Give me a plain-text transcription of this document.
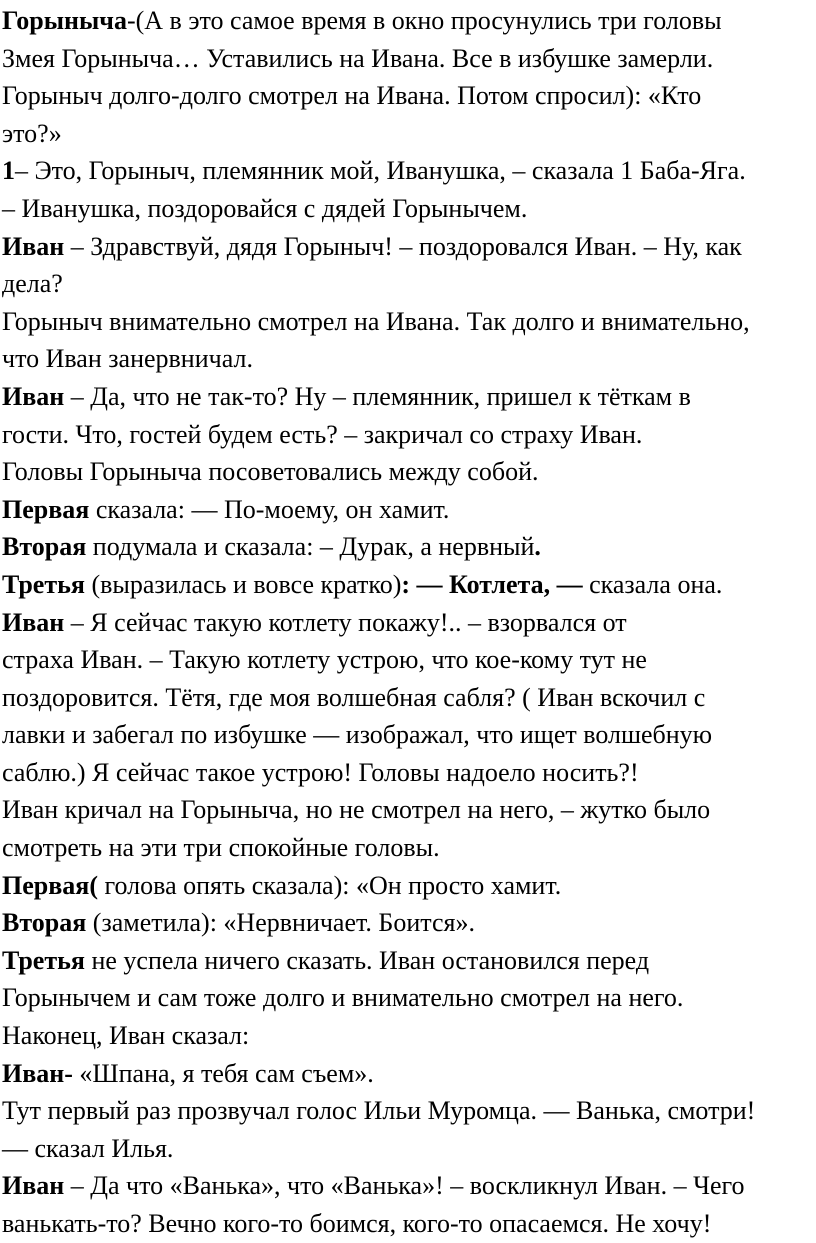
Горыныча-(А в это самое время в окно просунулись три головы

Змея Горыныча… Уставились на Ивана. Все в избушке замерли.

Горыныч долго-долго смотрел на Ивана. Потом спросил): «Кто

это?»

1– Это, Горыныч, племянник мой, Иванушка, – сказала 1 Баба-Яга.

– Иванушка, поздоровайся с дядей Горынычем.

Иван – Здравствуй, дядя Горыныч! – поздоровался Иван. – Ну, как

дела?

Горыныч внимательно смотрел на Ивана. Так долго и внимательно,

что Иван занервничал.

Иван – Да, что не так-то? Ну – племянник, пришел к тёткам в

гости. Что, гостей будем есть? – закричал со страху Иван.

Головы Горыныча посоветовались между собой.

Первая сказала: — По-моему, он хамит.

Вторая подумала и сказала: – Дурак, а нервный.

Третья (выразилась и вовсе кратко): — Котлета, — сказала она.

Иван – Я сейчас такую котлету покажу!.. – взорвался от

страха Иван. – Такую котлету устрою, что кое-кому тут не

поздоровится. Тётя, где моя волшебная сабля? ( Иван вскочил с

лавки и забегал по избушке — изображал, что ищет волшебную

саблю.) Я сейчас такое устрою! Головы надоело носить?!

Иван кричал на Горыныча, но не смотрел на него, – жутко было

смотреть на эти три спокойные головы.

Первая( голова опять сказала): «Он просто хамит.

Вторая (заметила): «Нервничает. Боится».

Третья не успела ничего сказать. Иван остановился перед

Горынычем и сам тоже долго и внимательно смотрел на него.

Наконец, Иван сказал:

Иван- «Шпана, я тебя сам съем».

Тут первый раз прозвучал голос Ильи Муромца. — Ванька, смотри!

— сказал Илья.

Иван – Да что «Ванька», что «Ванька»! – воскликнул Иван. – Чего

ванькать-то? Вечно кого-то боимся, кого-то опасаемся. Не хочу!
